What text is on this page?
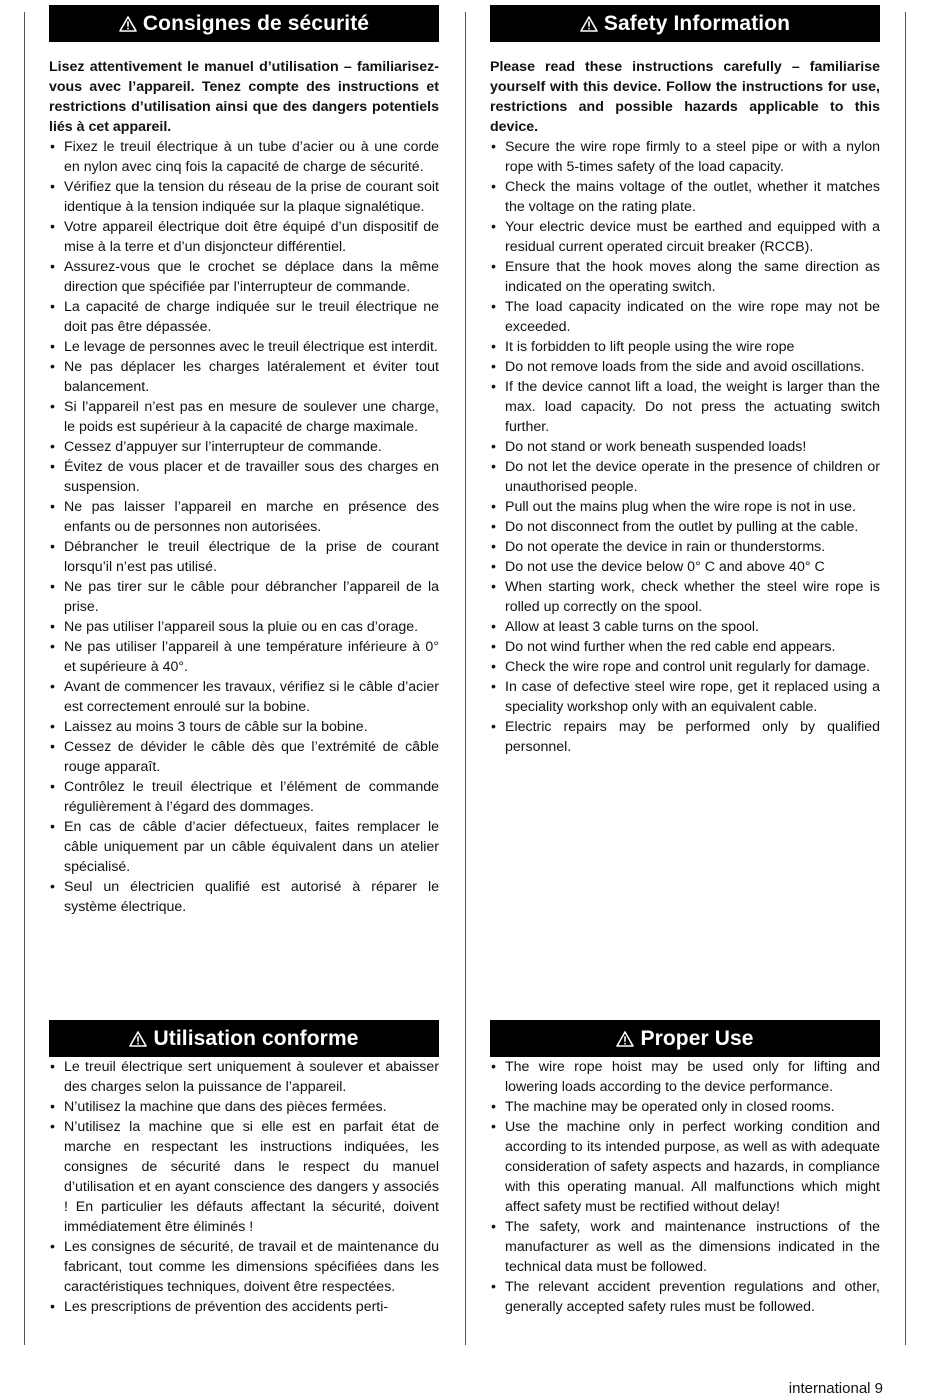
Consignes de sécurité

Lisez attentivement le manuel d’utilisation – familiarisez-vous avec l’appareil. Tenez compte des instructions et restrictions d’utilisation ainsi que des dangers potentiels liés à cet appareil.

• Fixez le treuil électrique à un tube d’acier ou à une corde en nylon avec cinq fois la capacité de charge de sécurité.
• Vérifiez que la tension du réseau de la prise de courant soit identique à la tension indiquée sur la plaque signalétique.
• Votre appareil électrique doit être équipé d’un dispositif de mise à la terre et d’un disjoncteur différentiel.
• Assurez-vous que le crochet se déplace dans la même direction que spécifiée par l’interrupteur de commande.
• La capacité de charge indiquée sur le treuil électrique ne doit pas être dépassée.
• Le levage de personnes avec le treuil électrique est interdit.
• Ne pas déplacer les charges latéralement et éviter tout balancement.
• Si l’appareil n’est pas en mesure de soulever une charge, le poids est supérieur à la capacité de charge maximale.
• Cessez d’appuyer sur l’interrupteur de commande.
• Évitez de vous placer et de travailler sous des charges en suspension.
• Ne pas laisser l’appareil en marche en présence des enfants ou de personnes non autorisées.
• Débrancher le treuil électrique de la prise de courant lorsqu’il n’est pas utilisé.
• Ne pas tirer sur le câble pour débrancher l’appareil de la prise.
• Ne pas utiliser l’appareil sous la pluie ou en cas d’orage.
• Ne pas utiliser l’appareil à une température inférieure à 0° et supérieure à 40°.
• Avant de commencer les travaux, vérifiez si le câble d’acier est correctement enroulé sur la bobine.
• Laissez au moins 3 tours de câble sur la bobine.
• Cessez de dévider le câble dès que l’extrémité de câble rouge apparaît.
• Contrôlez le treuil électrique et l’élément de commande régulièrement à l’égard des dommages.
• En cas de câble d’acier défectueux, faites remplacer le câble uniquement par un câble équivalent dans un atelier spécialisé.
• Seul un électricien qualifié est autorisé à réparer le système électrique.
Safety Information

Please read these instructions carefully – familiarise yourself with this device. Follow the instructions for use, restrictions and possible hazards applicable to this device.

• Secure the wire rope firmly to a steel pipe or with a nylon rope with 5-times safety of the load capacity.
• Check the mains voltage of the outlet, whether it matches the voltage on the rating plate.
• Your electric device must be earthed and equipped with a residual current operated circuit breaker (RCCB).
• Ensure that the hook moves along the same direction as indicated on the operating switch.
• The load capacity indicated on the wire rope may not be exceeded.
• It is forbidden to lift people using the wire rope
• Do not remove loads from the side and avoid oscillations.
• If the device cannot lift a load, the weight is larger than the max. load capacity. Do not press the actuating switch further.
• Do not stand or work beneath suspended loads!
• Do not let the device operate in the presence of children or unauthorised people.
• Pull out the mains plug when the wire rope is not in use.
• Do not disconnect from the outlet by pulling at the cable.
• Do not operate the device in rain or thunderstorms.
• Do not use the device below 0° C and above 40° C
• When starting work, check whether the steel wire rope is rolled up correctly on the spool.
• Allow at least 3 cable turns on the spool.
• Do not wind further when the red cable end appears.
• Check the wire rope and control unit regularly for damage.
• In case of defective steel wire rope, get it replaced using a speciality workshop only with an equivalent cable.
• Electric repairs may be performed only by qualified personnel.
Utilisation conforme
• Le treuil électrique sert uniquement à soulever et abaisser des charges selon la puissance de l’appareil.
• N’utilisez la machine que dans des pièces fermées.
• N’utilisez la machine que si elle est en parfait état de marche en respectant les instructions indiquées, les consignes de sécurité dans le respect du manuel d’utilisation et en ayant conscience des dangers y associés ! En particulier les défauts affectant la sécurité, doivent immédiatement être éliminés !
• Les consignes de sécurité, de travail et de maintenance du fabricant, tout comme les dimensions spécifiées dans les caractéristiques techniques, doivent être respectées.
• Les prescriptions de prévention des accidents perti-
Proper Use
• The wire rope hoist may be used only for lifting and lowering loads according to the device performance.
• The machine may be operated only in closed rooms.
• Use the machine only in perfect working condition and according to its intended purpose, as well as with adequate consideration of safety aspects and hazards, in compliance with this operating manual. All malfunctions which might affect safety must be rectified without delay!
• The safety, work and maintenance instructions of the manufacturer as well as the dimensions indicated in the technical data must be followed.
• The relevant accident prevention regulations and other, generally accepted safety rules must be followed.
international 9
